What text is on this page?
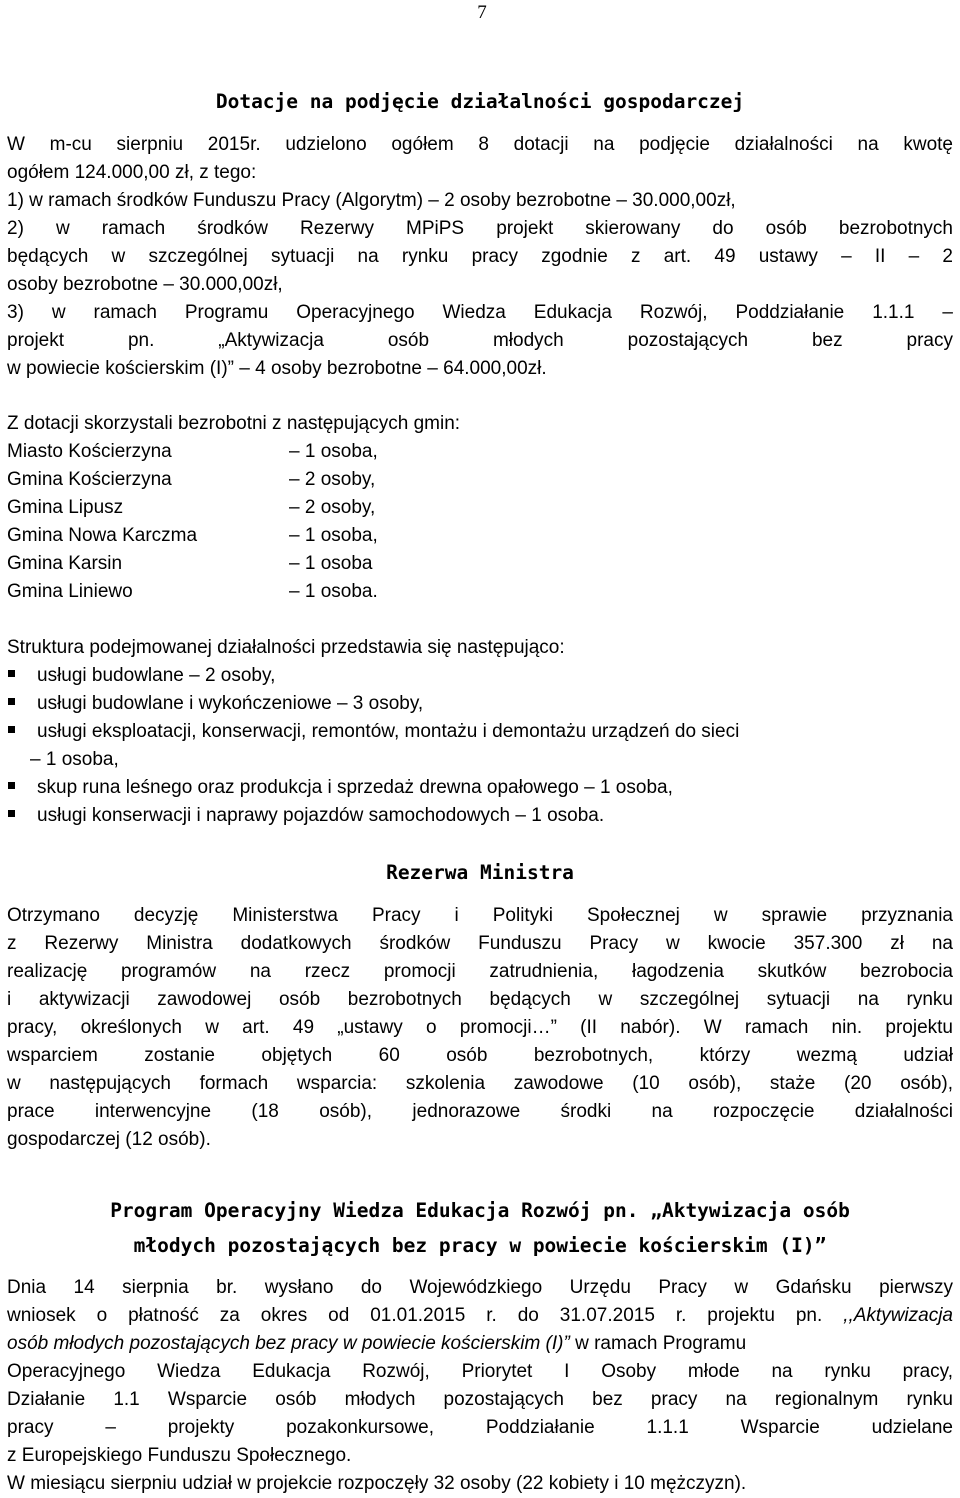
7
Dotacje na podjęcie działalności gospodarczej
W m-cu sierpniu 2015r. udzielono ogółem 8 dotacji na podjęcie działalności na kwotę
ogółem 124.000,00 zł, z tego:
1) w ramach środków Funduszu Pracy (Algorytm) – 2 osoby bezrobotne – 30.000,00zł,
2) w ramach środków Rezerwy MPiPS projekt skierowany do osób bezrobotnych
będących w szczególnej sytuacji na rynku pracy zgodnie z art. 49 ustawy – II – 2
osoby bezrobotne – 30.000,00zł,
3) w ramach Programu Operacyjnego Wiedza Edukacja Rozwój, Poddziałanie 1.1.1 –
projekt pn. „Aktywizacja osób młodych pozostających bez pracy
w powiecie kościerskim (I)” – 4 osoby bezrobotne – 64.000,00zł.
Z dotacji skorzystali bezrobotni z następujących gmin:
Miasto Kościerzyna	– 1 osoba,
Gmina Kościerzyna	– 2 osoby,
Gmina Lipusz	– 2 osoby,
Gmina Nowa Karczma	– 1 osoba,
Gmina Karsin	– 1 osoba
Gmina Liniewo	– 1 osoba.
Struktura podejmowanej działalności przedstawia się następująco:
usługi budowlane – 2 osoby,
usługi budowlane i wykończeniowe – 3 osoby,
usługi eksploatacji, konserwacji, remontów, montażu i demontażu urządzeń do sieci
– 1 osoba,
skup runa leśnego oraz produkcja i sprzedaż drewna opałowego – 1 osoba,
usługi konserwacji i naprawy pojazdów samochodowych – 1 osoba.
Rezerwa Ministra
Otrzymano decyzję Ministerstwa Pracy i Polityki Społecznej w sprawie przyznania
z Rezerwy Ministra dodatkowych środków Funduszu Pracy w kwocie 357.300 zł na
realizację programów na rzecz promocji zatrudnienia, łagodzenia skutków bezrobocia
i aktywizacji zawodowej osób bezrobotnych będących w szczególnej sytuacji na rynku
pracy, określonych w art. 49 „ustawy o promocji…” (II nabór). W ramach nin. projektu
wsparciem zostanie objętych 60 osób bezrobotnych, którzy wezmą udział
w następujących formach wsparcia: szkolenia zawodowe (10 osób), staże (20 osób),
prace interwencyjne (18 osób), jednorazowe środki na rozpoczęcie działalności
gospodarczej (12 osób).
Program Operacyjny Wiedza Edukacja Rozwój pn. „Aktywizacja osób
młodych pozostających bez pracy w powiecie kościerskim (I)”
Dnia 14 sierpnia br. wysłano do Wojewódzkiego Urzędu Pracy w Gdańsku pierwszy
wniosek o płatność za okres od 01.01.2015 r. do 31.07.2015 r. projektu pn. ,,Aktywizacja
osób młodych pozostających bez pracy w powiecie kościerskim (I)” w ramach Programu
Operacyjnego Wiedza Edukacja Rozwój, Priorytet I Osoby młode na rynku pracy,
Działanie 1.1 Wsparcie osób młodych pozostających bez pracy na regionalnym rynku
pracy – projekty pozakonkursowe, Poddziałanie 1.1.1 Wsparcie udzielane
z Europejskiego Funduszu Społecznego.
W miesiącu sierpniu udział w projekcie rozpoczęły 32 osoby (22 kobiety i 10 mężczyzn).
